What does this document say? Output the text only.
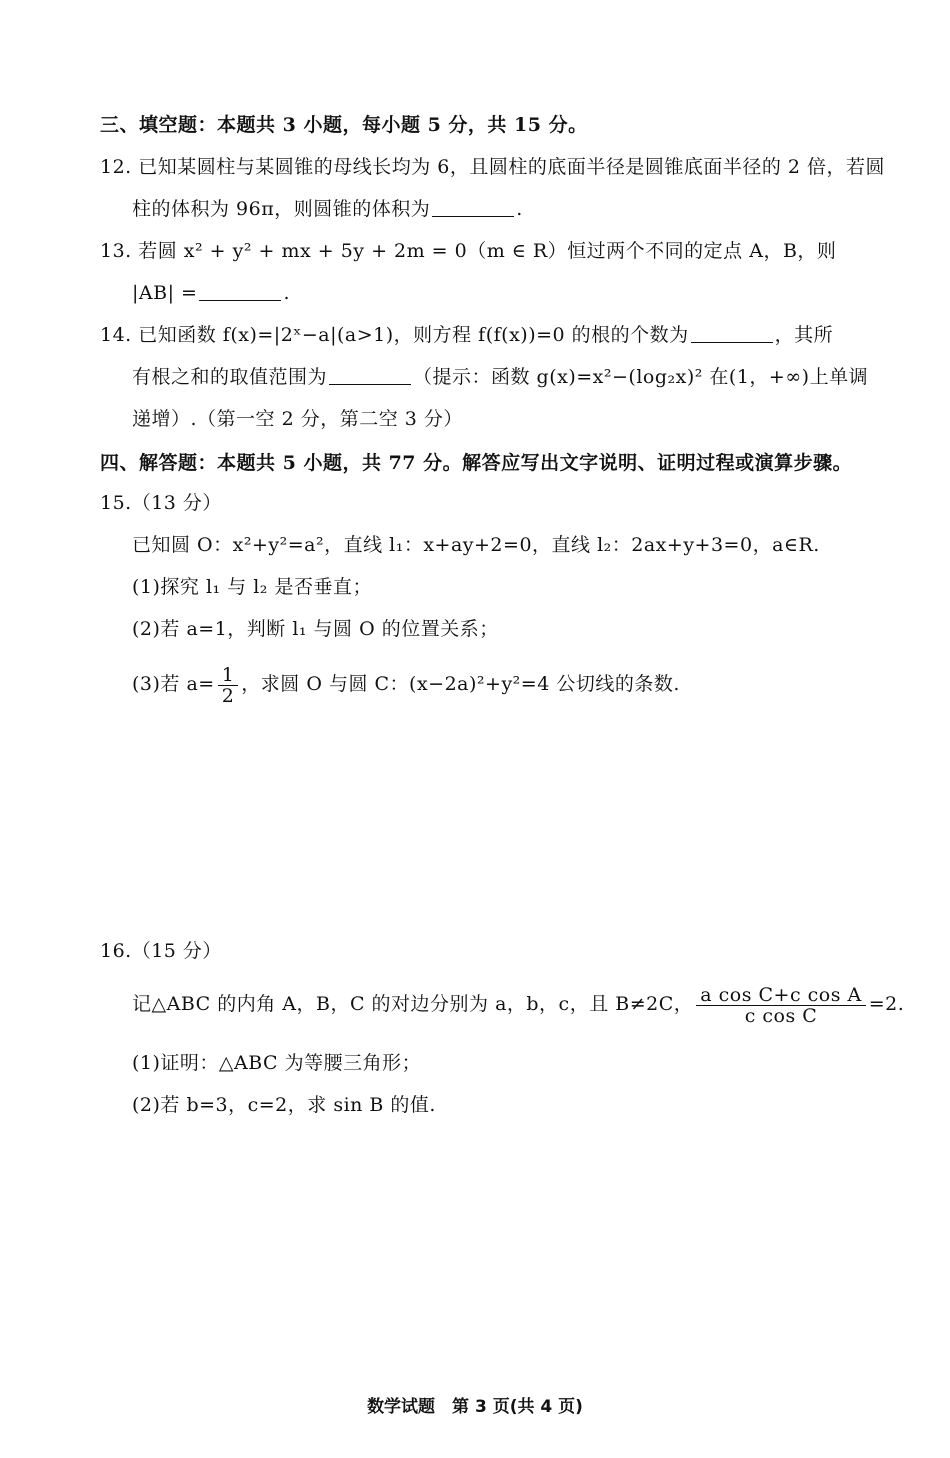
三、填空题：本题共 3 小题，每小题 5 分，共 15 分。
12. 已知某圆柱与某圆锥的母线长均为 6，且圆柱的底面半径是圆锥底面半径的 2 倍，若圆
柱的体积为 96π，则圆锥的体积为	.
13. 若圆 x² + y² + mx + 5y + 2m = 0（m ∈ R）恒过两个不同的定点 A，B，则
|AB| =	.
14. 已知函数 f(x)=|2ˣ−a|(a>1)，则方程 f(f(x))=0 的根的个数为	，其所
有根之和的取值范围为	（提示：函数 g(x)=x²−(log₂x)² 在(1，+∞)上单调
递增）.（第一空 2 分，第二空 3 分）
四、解答题：本题共 5 小题，共 77 分。解答应写出文字说明、证明过程或演算步骤。
15.（13 分）
已知圆 O：x²+y²=a²，直线 l₁：x+ay+2=0，直线 l₂：2ax+y+3=0，a∈R.
(1)探究 l₁ 与 l₂ 是否垂直；
(2)若 a=1，判断 l₁ 与圆 O 的位置关系；
(3)若 $a= \frac{1}{2}$ ，求圆 O 与圆 C：(x−2a)²+y²=4 公切线的条数.
16.（15 分）
记△ABC 的内角 A，B，C 的对边分别为 a，b，c，且 B≠2C， $\frac{\text{a cos C+c cos A}}{\text{c cos C}} =2$.
(1)证明：△ABC 为等腰三角形；
(2)若 b=3，c=2，求 sin B 的值.
数学试题　第 3 页(共 4 页)
